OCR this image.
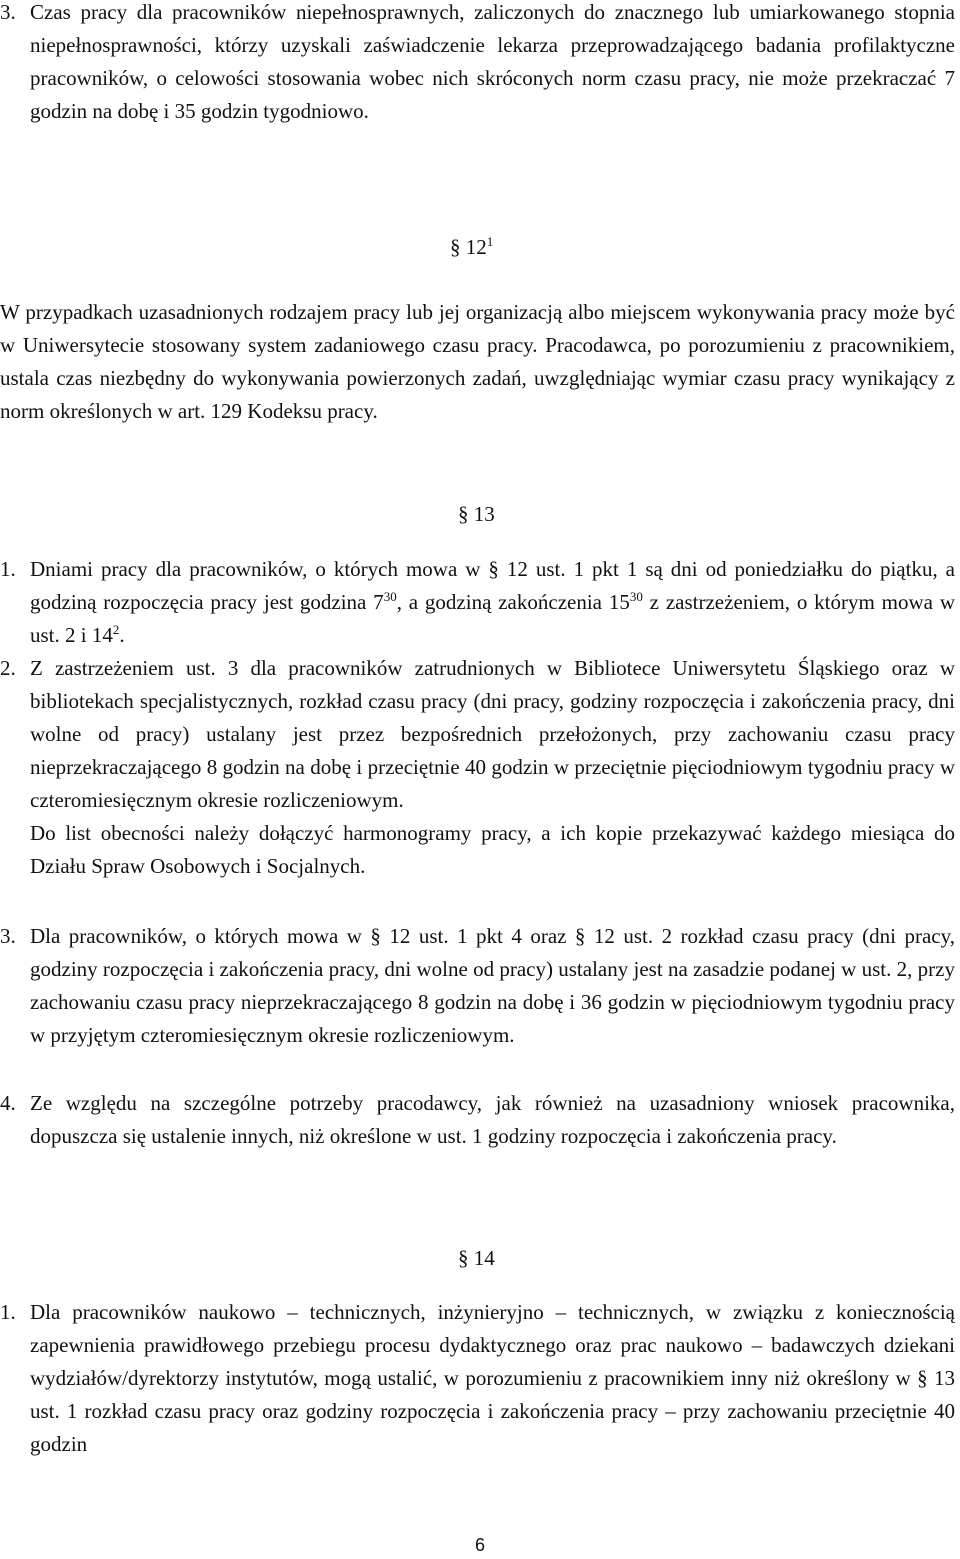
3. Czas pracy dla pracowników niepełnosprawnych, zaliczonych do znacznego lub umiarkowanego stopnia niepełnosprawności, którzy uzyskali zaświadczenie lekarza przeprowadzającego badania profilaktyczne pracowników, o celowości stosowania wobec nich skróconych norm czasu pracy, nie może przekraczać 7 godzin na dobę i 35 godzin tygodniowo.
§ $12^1$
W przypadkach uzasadnionych rodzajem pracy lub jej organizacją albo miejscem wykonywania pracy może być w Uniwersytecie stosowany system zadaniowego czasu pracy. Pracodawca, po porozumieniu z pracownikiem, ustala czas niezbędny do wykonywania powierzonych zadań, uwzględniając wymiar czasu pracy wynikający z norm określonych w art. 129 Kodeksu pracy.
§ 13
1. Dniami pracy dla pracowników, o których mowa w § 12 ust. 1 pkt 1 są dni od poniedziałku do piątku, a godziną rozpoczęcia pracy jest godzina $7^{30}$, a godziną zakończenia $15^{30}$ z zastrzeżeniem, o którym mowa w ust. 2 i $14^2$.
2. Z zastrzeżeniem ust. 3 dla pracowników zatrudnionych w Bibliotece Uniwersytetu Śląskiego oraz w bibliotekach specjalistycznych, rozkład czasu pracy (dni pracy, godziny rozpoczęcia i zakończenia pracy, dni wolne od pracy) ustalany jest przez bezpośrednich przełożonych, przy zachowaniu czasu pracy nieprzekraczającego 8 godzin na dobę i przeciętnie 40 godzin w przeciętnie pięciodniowym tygodniu pracy w czteromiesięcznym okresie rozliczeniowym.
Do list obecności należy dołączyć harmonogramy pracy, a ich kopie przekazywać każdego miesiąca do Działu Spraw Osobowych i Socjalnych.
3. Dla pracowników, o których mowa w § 12 ust. 1 pkt 4 oraz § 12 ust. 2 rozkład czasu pracy (dni pracy, godziny rozpoczęcia i zakończenia pracy, dni wolne od pracy) ustalany jest na zasadzie podanej w ust. 2, przy zachowaniu czasu pracy nieprzekraczającego 8 godzin na dobę i 36 godzin w pięciodniowym tygodniu pracy w przyjętym czteromiesięcznym okresie rozliczeniowym.
4. Ze względu na szczególne potrzeby pracodawcy, jak również na uzasadniony wniosek pracownika, dopuszcza się ustalenie innych, niż określone w ust. 1 godziny rozpoczęcia i zakończenia pracy.
§ 14
1. Dla pracowników naukowo – technicznych, inżynieryjno – technicznych, w związku z koniecznością zapewnienia prawidłowego przebiegu procesu dydaktycznego oraz prac naukowo – badawczych dziekani wydziałów/dyrektorzy instytutów, mogą ustalić, w porozumieniu z pracownikiem inny niż określony w § 13 ust. 1 rozkład czasu pracy oraz godziny rozpoczęcia i zakończenia pracy – przy zachowaniu przeciętnie 40 godzin
6
